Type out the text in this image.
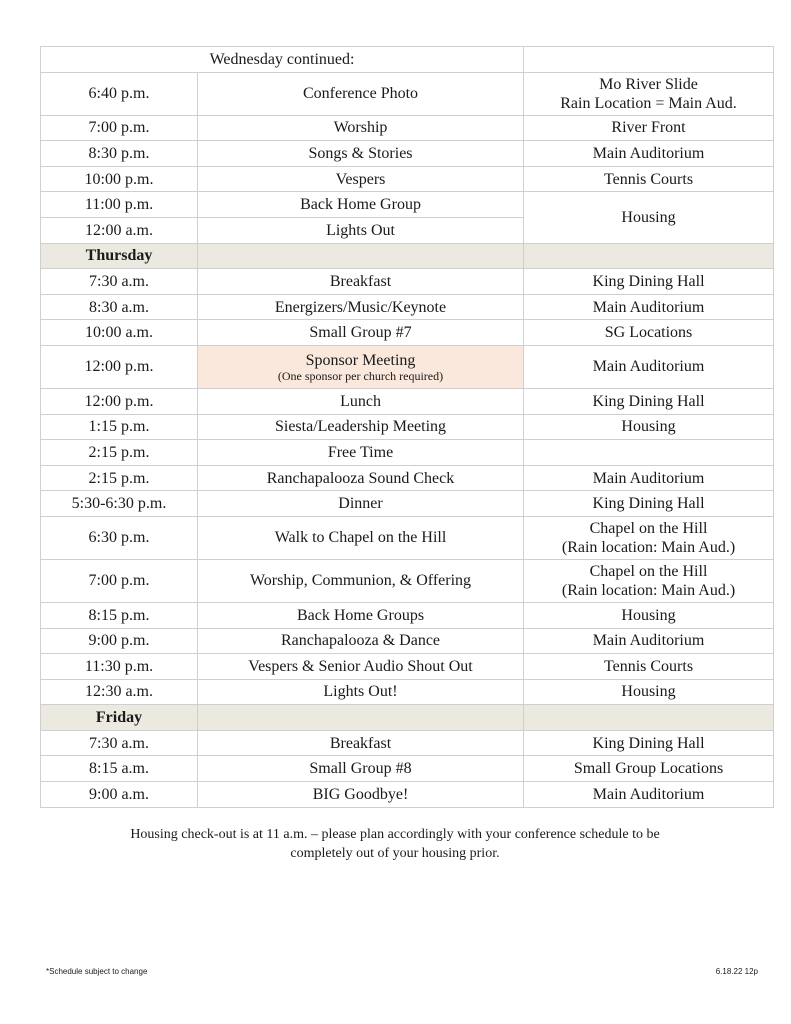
Wednesday continued:		
6:40 p.m.	Conference Photo	Mo River Slide
Rain Location = Main Aud.

7:00 p.m.	Worship	River Front
8:30 p.m.	Songs & Stories	Main Auditorium
10:00 p.m.	Vespers	Tennis Courts
11:00 p.m.	Back Home Group	Housing
12:00 a.m.	Lights Out	
Thursday		
7:30 a.m.	Breakfast	King Dining Hall
8:30 a.m.	Energizers/Music/Keynote	Main Auditorium
10:00 a.m.	Small Group #7	SG Locations
12:00 p.m.	Sponsor Meeting
(One sponsor per church required)	Main Auditorium
12:00 p.m.	Lunch	King Dining Hall
1:15 p.m.	Siesta/Leadership Meeting	Housing
2:15 p.m.	Free Time	
2:15 p.m.	Ranchapalooza Sound Check	Main Auditorium
5:30-6:30 p.m.	Dinner	King Dining Hall
6:30 p.m.	Walk to Chapel on the Hill	Chapel on the Hill
(Rain location: Main Aud.)

7:00 p.m.	Worship, Communion, & Offering	Chapel on the Hill
(Rain location: Main Aud.)

8:15 p.m.	Back Home Groups	Housing
9:00 p.m.	Ranchapalooza & Dance	Main Auditorium
11:30 p.m.	Vespers & Senior Audio Shout Out	Tennis Courts
12:30 a.m.	Lights Out!	Housing
Friday		
7:30 a.m.	Breakfast	King Dining Hall
8:15 a.m.	Small Group #8	Small Group Locations
9:00 a.m.	BIG Goodbye!	Main Auditorium
Housing check-out is at 11 a.m. – please plan accordingly with your conference schedule to be
completely out of your housing prior.
*Schedule subject to change	6.18.22 12p
